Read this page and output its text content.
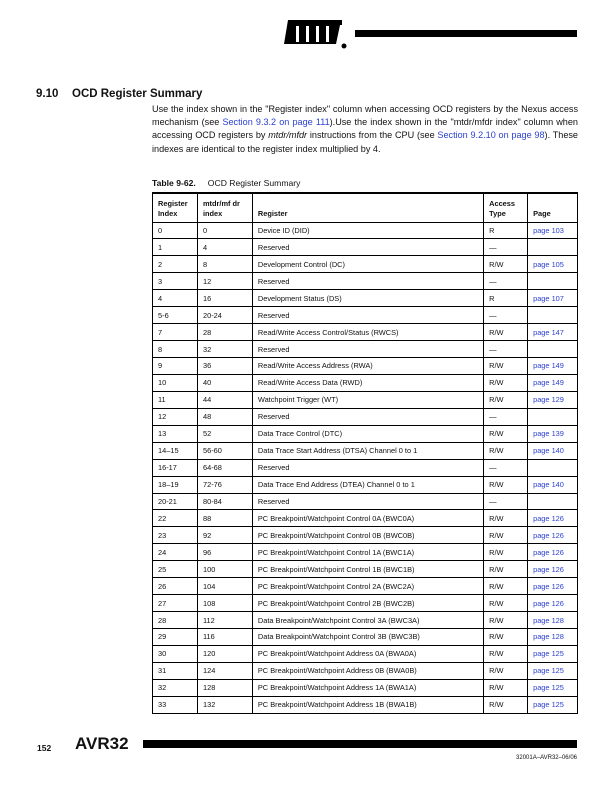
9.10 OCD Register Summary

Use the index shown in the "Register index" column when accessing OCD registers by the Nexus access mechanism (see Section 9.3.2 on page 111).Use the index shown in the "mtdr/mfdr index" column when accessing OCD registers by mtdr/mfdr instructions from the CPU (see Section 9.2.10 on page 98). These indexes are identical to the register index multiplied by 4.

Table 9-62. OCD Register Summary
Register Index	mtdr/mf dr index	Register	Access Type	Page
0	0	Device ID (DID)	R	page 103
1	4	Reserved	—	
2	8	Development Control (DC)	R/W	page 105
3	12	Reserved	—	
4	16	Development Status (DS)	R	page 107
5-6	20-24	Reserved	—	
7	28	Read/Write Access Control/Status (RWCS)	R/W	page 147
8	32	Reserved	—	
9	36	Read/Write Access Address (RWA)	R/W	page 149
10	40	Read/Write Access Data (RWD)	R/W	page 149
11	44	Watchpoint Trigger (WT)	R/W	page 129
12	48	Reserved	—	
13	52	Data Trace Control (DTC)	R/W	page 139
14–15	56-60	Data Trace Start Address (DTSA) Channel 0 to 1	R/W	page 140
16-17	64-68	Reserved	—	
18–19	72-76	Data Trace End Address (DTEA) Channel 0 to 1	R/W	page 140
20-21	80-84	Reserved	—	
22	88	PC Breakpoint/Watchpoint Control 0A (BWC0A)	R/W	page 126
23	92	PC Breakpoint/Watchpoint Control 0B (BWC0B)	R/W	page 126
24	96	PC Breakpoint/Watchpoint Control 1A (BWC1A)	R/W	page 126
25	100	PC Breakpoint/Watchpoint Control 1B (BWC1B)	R/W	page 126
26	104	PC Breakpoint/Watchpoint Control 2A (BWC2A)	R/W	page 126
27	108	PC Breakpoint/Watchpoint Control 2B (BWC2B)	R/W	page 126
28	112	Data Breakpoint/Watchpoint Control 3A (BWC3A)	R/W	page 128
29	116	Data Breakpoint/Watchpoint Control 3B (BWC3B)	R/W	page 128
30	120	PC Breakpoint/Watchpoint Address 0A (BWA0A)	R/W	page 125
31	124	PC Breakpoint/Watchpoint Address 0B (BWA0B)	R/W	page 125
32	128	PC Breakpoint/Watchpoint Address 1A (BWA1A)	R/W	page 125
33	132	PC Breakpoint/Watchpoint Address 1B (BWA1B)	R/W	page 125
152 AVR32
32001A–AVR32–06/06
